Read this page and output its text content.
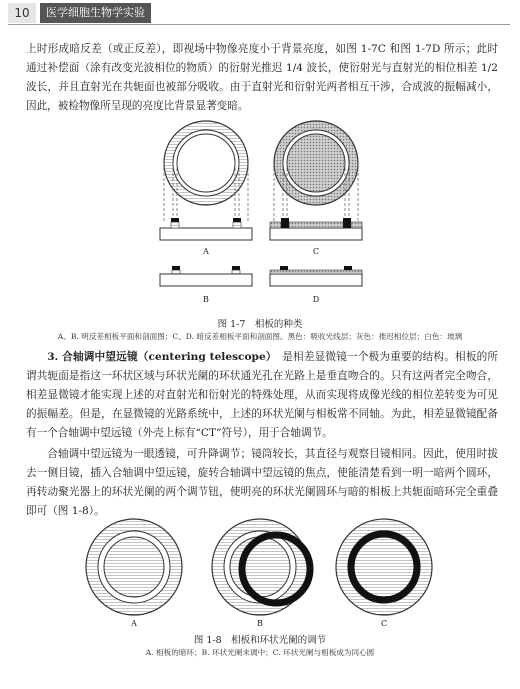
10	医学细胞生物学实验

上时形成暗反差（或正反差），即视场中物像亮度小于背景亮度，如图 1-7C 和图 1-7D 所示；此时通过补偿面（涂有改变光波相位的物质）的衍射光推迟 1/4 波长，使衍射光与直射光的相位相差 1/2 波长，并且直射光在共轭面也被部分吸收。由于直射光和衍射光两者相互干涉，合成波的振幅减小，因此，被检物像所呈现的亮度比背景显著变暗。

A	C
B	D
图 1-7　相板的种类
A、B. 明反差相板平面和剖面图；C、D. 暗反差相板平面和剖面图。黑色：吸收光线层；灰色：推迟相位层；白色：玻璃

3. 合轴调中望远镜（centering telescope）　 是相差显微镜一个极为重要的结构。相板的所谓共轭面是指这一环状区域与环状光阑的环状通光孔在光路上是垂直吻合的。只有这两者完全吻合，相差显微镜才能实现上述的对直射光和衍射光的特殊处理，从而实现将成像光线的相位差转变为可见的振幅差。但是，在显微镜的光路系统中，上述的环状光阑与相板常不同轴。为此，相差显微镜配备有一个合轴调中望远镜（外壳上标有“CT”符号），用于合轴调节。

合轴调中望远镜为一眼透镜，可升降调节；镜筒较长，其直径与观察目镜相同。因此，使用时拔去一侧目镜，插入合轴调中望远镜，旋转合轴调中望远镜的焦点，使能清楚看到一明一暗两个圆环，再转动聚光器上的环状光阑的两个调节钮，使明亮的环状光阑圆环与暗的相板上共轭面暗环完全重叠即可（图 1-8）。

A	B	C
图 1-8　相板和环状光阑的调节
A. 相板的暗环；B. 环状光阑未调中；C. 环状光阑与相板成为同心圆
